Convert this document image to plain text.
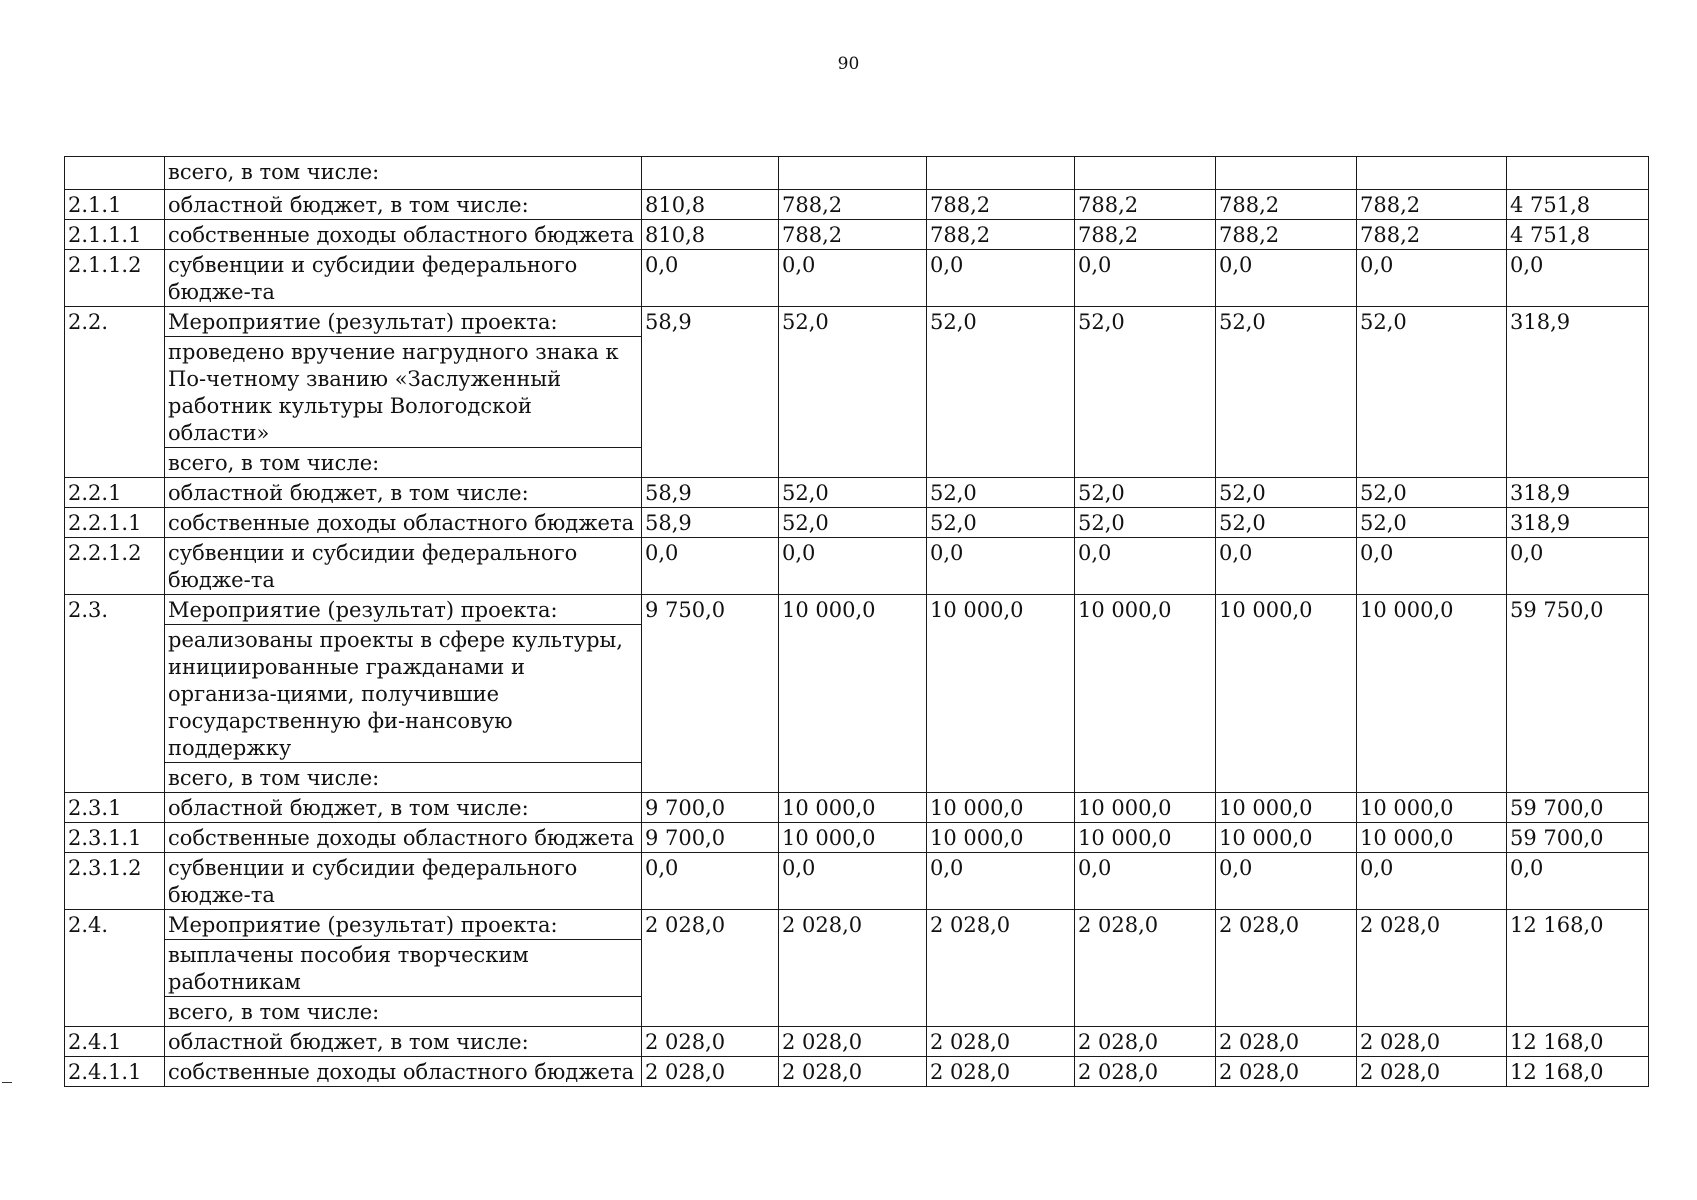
90
	всего, в том числе:							
2.1.1	областной бюджет, в том числе:	810,8	788,2	788,2	788,2	788,2	788,2	4 751,8
2.1.1.1	собственные доходы областного бюджета	810,8	788,2	788,2	788,2	788,2	788,2	4 751,8
2.1.1.2	субвенции и субсидии федерального бюдже-та	0,0	0,0	0,0	0,0	0,0	0,0	0,0
2.2.	Мероприятие (результат) проекта:	58,9	52,0	52,0	52,0	52,0	52,0	318,9
	проведено вручение нагрудного знака к По-четному званию «Заслуженный работник культуры Вологодской области»							
	всего, в том числе:							
2.2.1	областной бюджет, в том числе:	58,9	52,0	52,0	52,0	52,0	52,0	318,9
2.2.1.1	собственные доходы областного бюджета	58,9	52,0	52,0	52,0	52,0	52,0	318,9
2.2.1.2	субвенции и субсидии федерального бюдже-та	0,0	0,0	0,0	0,0	0,0	0,0	0,0
2.3.	Мероприятие (результат) проекта:	9 750,0	10 000,0	10 000,0	10 000,0	10 000,0	10 000,0	59 750,0
	реализованы проекты в сфере культуры, инициированные гражданами и организа-циями, получившие государственную фи-нансовую поддержку							
	всего, в том числе:							
2.3.1	областной бюджет, в том числе:	9 700,0	10 000,0	10 000,0	10 000,0	10 000,0	10 000,0	59 700,0
2.3.1.1	собственные доходы областного бюджета	9 700,0	10 000,0	10 000,0	10 000,0	10 000,0	10 000,0	59 700,0
2.3.1.2	субвенции и субсидии федерального бюдже-та	0,0	0,0	0,0	0,0	0,0	0,0	0,0
2.4.	Мероприятие (результат) проекта:	2 028,0	2 028,0	2 028,0	2 028,0	2 028,0	2 028,0	12 168,0
	выплачены пособия творческим работникам							
	всего, в том числе:							
2.4.1	областной бюджет, в том числе:	2 028,0	2 028,0	2 028,0	2 028,0	2 028,0	2 028,0	12 168,0
2.4.1.1	собственные доходы областного бюджета	2 028,0	2 028,0	2 028,0	2 028,0	2 028,0	2 028,0	12 168,0
